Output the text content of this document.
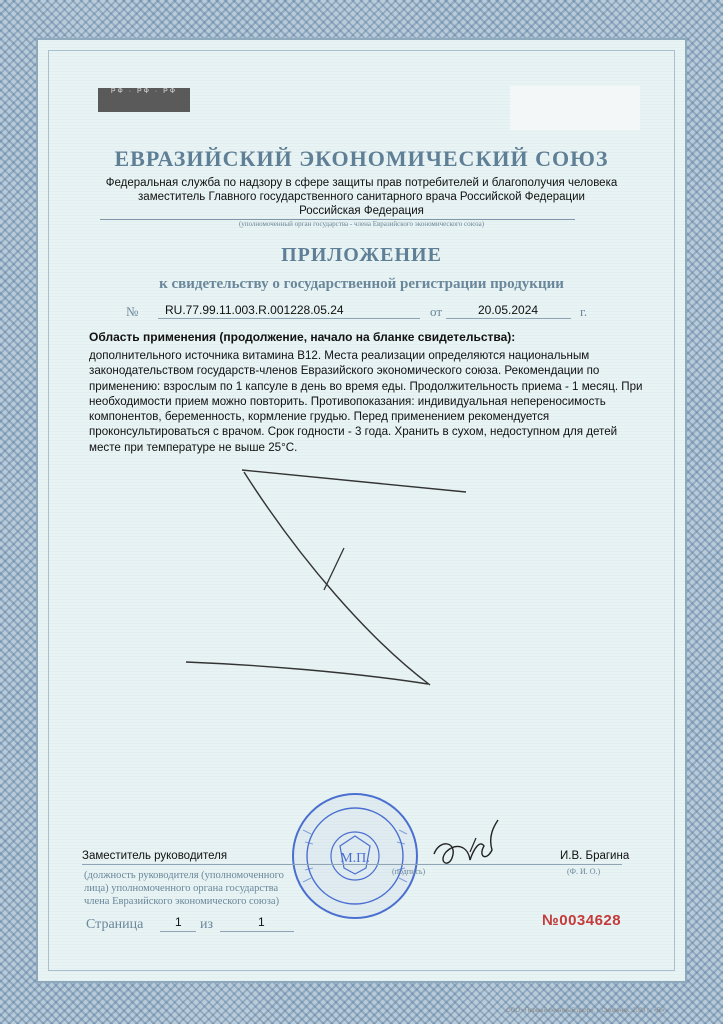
РФ · РФ · РФ
ЕВРАЗИЙСКИЙ ЭКОНОМИЧЕСКИЙ СОЮЗ
Федеральная служба по надзору в сфере защиты прав потребителей и благополучия человека
заместитель Главного государственного санитарного врача Российской Федерации
Российская Федерация
(уполномоченный орган государства - члена Евразийского экономического союза)
ПРИЛОЖЕНИЕ
к свидетельству о государственной регистрации продукции
№ RU.77.99.11.003.R.001228.05.24	от	20.05.2024	г.
Область применения (продолжение, начало на бланке свидетельства):
дополнительного источника витамина B12. Места реализации определяются национальным законодательством государств-членов Евразийского экономического союза. Рекомендации по применению: взрослым по 1 капсуле в день во время еды. Продолжительность приема - 1 месяц. При необходимости прием можно повторить. Противопоказания: индивидуальная непереносимость компонентов, беременность, кормление грудью. Перед применением рекомендуется проконсультироваться с врачом. Срок годности - 3 года. Хранить в сухом, недоступном для детей месте при температуре не выше 25°С.
М.П.
Заместитель руководителя	И.В. Брагина
(подпись)	(Ф. И. О.)
(должность руководителя (уполномоченного
лица) уполномоченного органа государства
члена Евразийского экономического союза)
Страница	1 из	1	№0034628
ООО «Первый печатный двор», г. Смоленск, 2023 г., «В»
